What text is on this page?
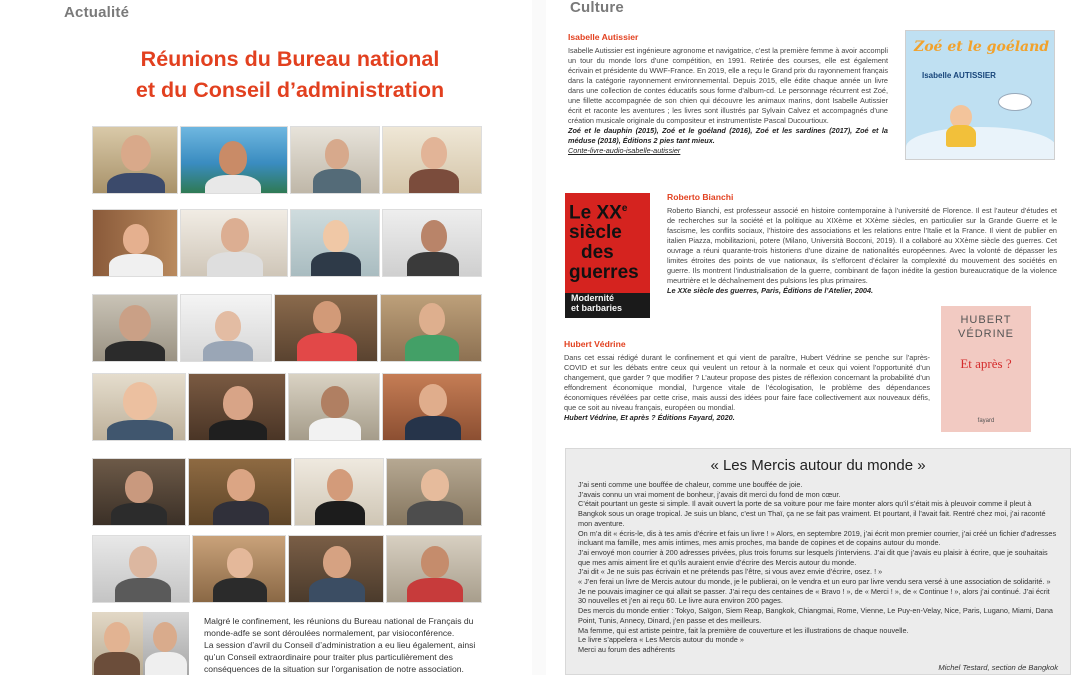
Actualité
Réunions du Bureau national
et du Conseil d’administration

Malgré le confinement, les réunions du Bureau national de Français du monde-adfe se sont déroulées normalement, par visioconférence.

La session d’avril du Conseil d’administration a eu lieu également, ainsi qu’un Conseil extraordinaire pour traiter plus particulièrement des conséquences de la situation sur l’organisation de notre association.

Culture
Isabelle Autissier

Isabelle Autissier est ingénieure agronome et navigatrice, c’est la première femme à avoir accompli un tour du monde lors d’une compétition, en 1991. Retirée des courses, elle est également écrivain et présidente du WWF-France. En 2019, elle a reçu le Grand prix du rayonnement français dans la catégorie rayonnement environnemental. Depuis 2015, elle édite chaque année un livre dans une collection de contes éducatifs sous forme d’album-cd. Le personnage récurrent est Zoé, une fillette accompagnée de son chien qui découvre les animaux marins, dont Isabelle Autissier écrit et raconte les aventures ; les livres sont illustrés par Sylvain Calvez et accompagnés d’une création musicale originale du compositeur et instrumentiste Pascal Ducourtioux.

Zoé et le dauphin (2015), Zoé et le goéland (2016), Zoé et les sardines (2017), Zoé et la méduse (2018), Éditions 2 pies tant mieux.

Conte-livre-audio-isabelle-autissier

Zoé et le goéland
Isabelle AUTISSIER
Le XXe
siècle
des
guerres
Modernité
et barbaries
Roberto Bianchi

Roberto Bianchi, est professeur associé en histoire contemporaine à l’université de Florence. Il est l’auteur d’études et de recherches sur la société et la politique au XIXème et XXème siècles, en particulier sur la Grande Guerre et le fascisme, les conflits sociaux, l’histoire des associations et les relations entre l’Italie et la France. Il vient de publier en italien Piazza, mobilitazioni, potere (Milano, Università Bocconi, 2019). Il a collaboré au XXème siècle des guerres. Cet ouvrage a réuni quarante-trois historiens d’une dizaine de nationalités européennes. Avec la volonté de dépasser les limites étroites des points de vue nationaux, ils s’efforcent d’éclairer la complexité du mouvement des sociétés en guerre. Ils montrent l’industrialisation de la guerre, combinant de façon inédite la gestion bureaucratique de la violence meurtrière et le déchaînement des pulsions les plus primaires.

Le XXe siècle des guerres, Paris, Éditions de l’Atelier, 2004.

Hubert Védrine

Dans cet essai rédigé durant le confinement et qui vient de paraître, Hubert Védrine se penche sur l’après-COVID et sur les débats entre ceux qui veulent un retour à la normale et ceux qui voient l’opportunité d’un changement, que garder ? que modifier ? L’auteur propose des pistes de réflexion concernant la probabilité d’un effondrement économique mondial, l’urgence vitale de l’écologisation, le problème des dépendances économiques révélées par cette crise, mais aussi des idées pour faire face collectivement aux nouveaux défis, que ce soit au niveau français, européen ou mondial.

Hubert Védrine, Et après ? Éditions Fayard, 2020.

HUBERT
VÉDRINE
Et après ?
fayard
« Les Mercis autour du monde »

J’ai senti comme une bouffée de chaleur, comme une bouffée de joie.

J’avais connu un vrai moment de bonheur, j’avais dit merci du fond de mon cœur.

C’était pourtant un geste si simple. Il avait ouvert la porte de sa voiture pour me faire monter alors qu’il s’était mis à pleuvoir comme il pleut à Bangkok sous un orage tropical. Je suis un blanc, c’est un Thaï, ça ne se fait pas vraiment. Et pourtant, il l’avait fait. Rentré chez moi, j’ai raconté mon aventure.

On m’a dit « écris-le, dis à tes amis d’écrire et fais un livre ! » Alors, en septembre 2019, j’ai écrit mon premier courrier, j’ai créé un fichier d’adresses incluant ma famille, mes amis intimes, mes amis proches, ma bande de copines et de copains autour du monde.

J’ai envoyé mon courrier à 200 adresses privées, plus trois forums sur lesquels j’interviens. J’ai dit que j’avais eu plaisir à écrire, que je souhaitais que mes amis aiment lire et qu’ils auraient envie d’écrire des Mercis autour du monde.

J’ai dit « Je ne suis pas écrivain et ne prétends pas l’être, si vous avez envie d’écrire, osez. ! »

« J’en ferai un livre de Mercis autour du monde, je le publierai, on le vendra et un euro par livre vendu sera versé à une association de solidarité. »

Je ne pouvais imaginer ce qui allait se passer. J’ai reçu des centaines de « Bravo ! », de « Merci ! », de « Continue ! », alors j’ai continué. J’ai écrit 30 nouvelles et j’en ai reçu 60. Le livre aura environ 200 pages.

Des mercis du monde entier : Tokyo, Saïgon, Siem Reap, Bangkok, Chiangmai, Rome, Vienne, Le Puy-en-Velay, Nice, Paris, Lugano, Miami, Dana Point, Tunis, Annecy, Dinard, j’en passe et des meilleurs.

Ma femme, qui est artiste peintre, fait la première de couverture et les illustrations de chaque nouvelle.

Le livre s’appelera « Les Mercis autour du monde »

Merci au forum des adhérents

Michel Testard, section de Bangkok
